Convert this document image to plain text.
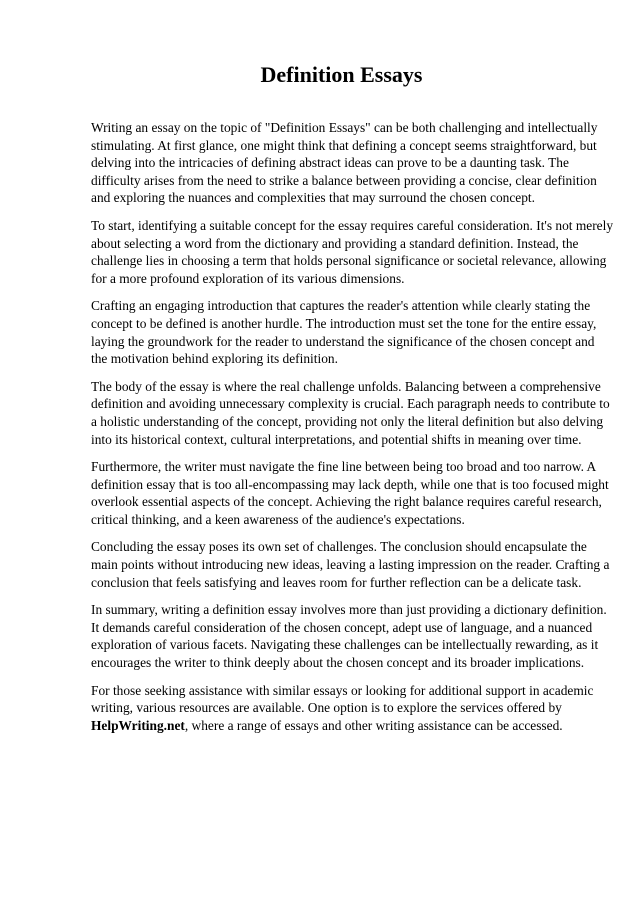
Definition Essays

Writing an essay on the topic of "Definition Essays" can be both challenging and intellectually
stimulating. At first glance, one might think that defining a concept seems straightforward, but
delving into the intricacies of defining abstract ideas can prove to be a daunting task. The
difficulty arises from the need to strike a balance between providing a concise, clear definition
and exploring the nuances and complexities that may surround the chosen concept.

To start, identifying a suitable concept for the essay requires careful consideration. It's not merely
about selecting a word from the dictionary and providing a standard definition. Instead, the
challenge lies in choosing a term that holds personal significance or societal relevance, allowing
for a more profound exploration of its various dimensions.

Crafting an engaging introduction that captures the reader's attention while clearly stating the
concept to be defined is another hurdle. The introduction must set the tone for the entire essay,
laying the groundwork for the reader to understand the significance of the chosen concept and
the motivation behind exploring its definition.

The body of the essay is where the real challenge unfolds. Balancing between a comprehensive
definition and avoiding unnecessary complexity is crucial. Each paragraph needs to contribute to
a holistic understanding of the concept, providing not only the literal definition but also delving
into its historical context, cultural interpretations, and potential shifts in meaning over time.

Furthermore, the writer must navigate the fine line between being too broad and too narrow. A
definition essay that is too all-encompassing may lack depth, while one that is too focused might
overlook essential aspects of the concept. Achieving the right balance requires careful research,
critical thinking, and a keen awareness of the audience's expectations.

Concluding the essay poses its own set of challenges. The conclusion should encapsulate the
main points without introducing new ideas, leaving a lasting impression on the reader. Crafting a
conclusion that feels satisfying and leaves room for further reflection can be a delicate task.

In summary, writing a definition essay involves more than just providing a dictionary definition.
It demands careful consideration of the chosen concept, adept use of language, and a nuanced
exploration of various facets. Navigating these challenges can be intellectually rewarding, as it
encourages the writer to think deeply about the chosen concept and its broader implications.

For those seeking assistance with similar essays or looking for additional support in academic
writing, various resources are available. One option is to explore the services offered by
HelpWriting.net, where a range of essays and other writing assistance can be accessed.
